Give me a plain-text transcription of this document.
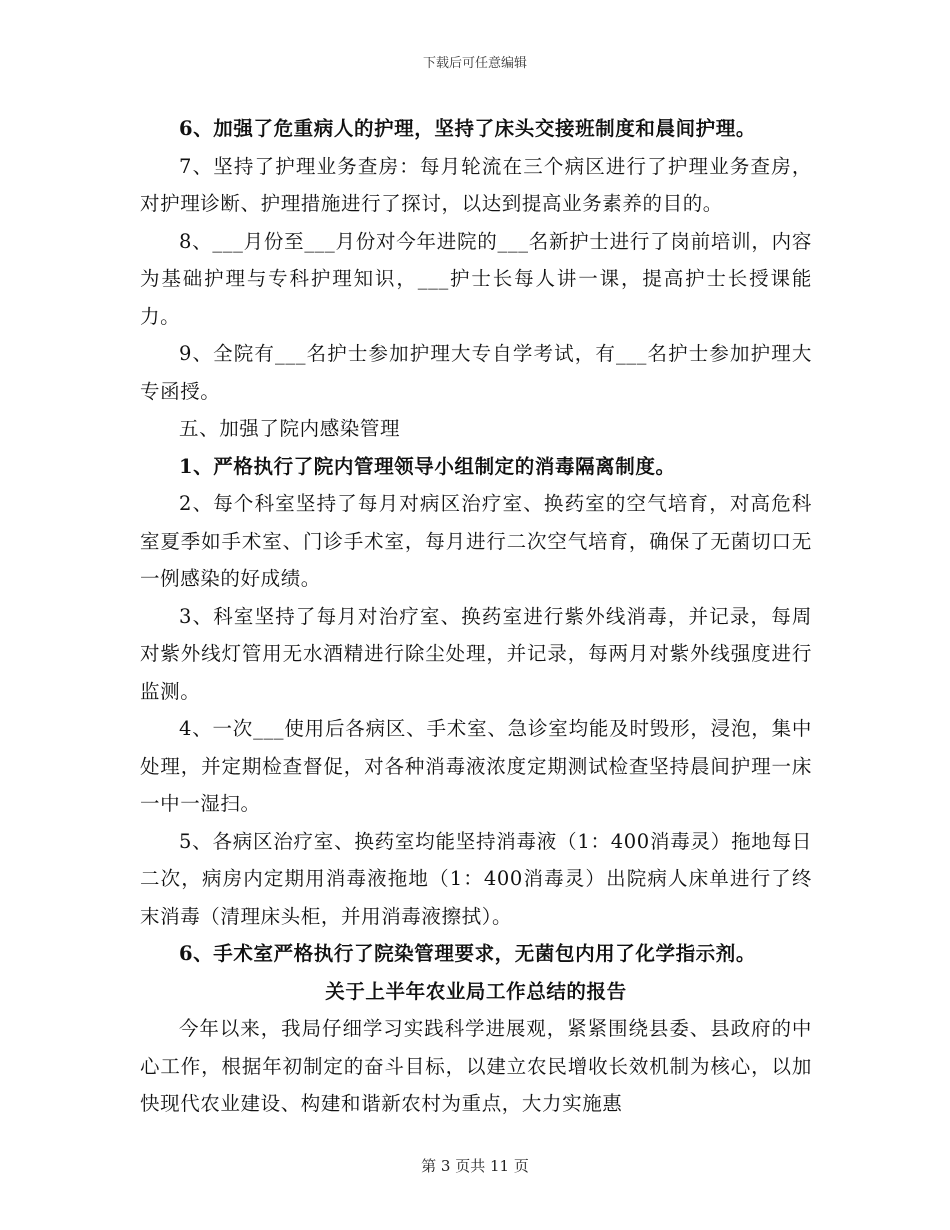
下载后可任意编辑

6、加强了危重病人的护理，坚持了床头交接班制度和晨间护理。

7、坚持了护理业务查房：每月轮流在三个病区进行了护理业务查房，对护理诊断、护理措施进行了探讨，以达到提高业务素养的目的。

8、___月份至___月份对今年进院的___名新护士进行了岗前培训，内容为基础护理与专科护理知识，___护士长每人讲一课，提高护士长授课能力。

9、全院有___名护士参加护理大专自学考试，有___名护士参加护理大专函授。

五、加强了院内感染管理

1、严格执行了院内管理领导小组制定的消毒隔离制度。

2、每个科室坚持了每月对病区治疗室、换药室的空气培育，对高危科室夏季如手术室、门诊手术室，每月进行二次空气培育，确保了无菌切口无一例感染的好成绩。

3、科室坚持了每月对治疗室、换药室进行紫外线消毒，并记录，每周对紫外线灯管用无水酒精进行除尘处理，并记录，每两月对紫外线强度进行监测。

4、一次___使用后各病区、手术室、急诊室均能及时毁形，浸泡，集中处理，并定期检查督促，对各种消毒液浓度定期测试检查坚持晨间护理一床一中一湿扫。

5、各病区治疗室、换药室均能坚持消毒液（1：400消毒灵）拖地每日二次，病房内定期用消毒液拖地（1：400消毒灵）出院病人床单进行了终末消毒（清理床头柜，并用消毒液擦拭）。

6、手术室严格执行了院染管理要求，无菌包内用了化学指示剂。

关于上半年农业局工作总结的报告

今年以来，我局仔细学习实践科学进展观，紧紧围绕县委、县政府的中心工作，根据年初制定的奋斗目标，以建立农民增收长效机制为核心，以加快现代农业建设、构建和谐新农村为重点，大力实施惠

第 3 页共 11 页
